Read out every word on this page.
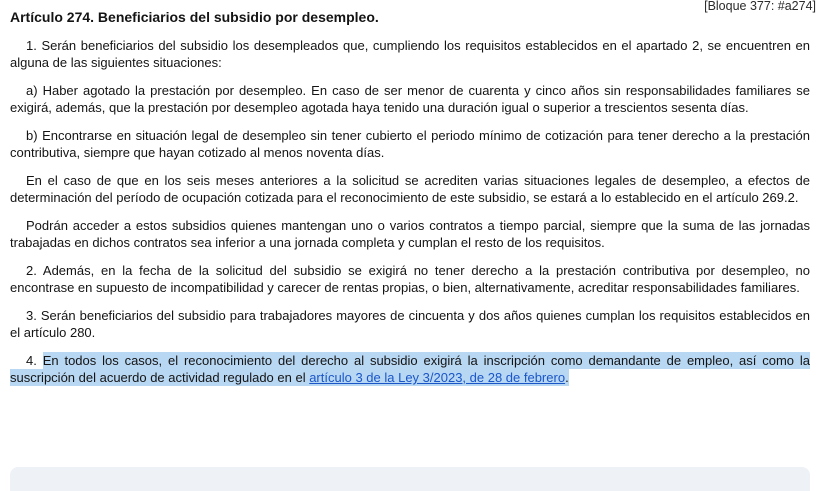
[Bloque 377: #a274]
Artículo 274. Beneficiarios del subsidio por desempleo.

1. Serán beneficiarios del subsidio los desempleados que, cumpliendo los requisitos establecidos en el apartado 2, se encuentren en alguna de las siguientes situaciones:

a) Haber agotado la prestación por desempleo. En caso de ser menor de cuarenta y cinco años sin responsabilidades familiares se exigirá, además, que la prestación por desempleo agotada haya tenido una duración igual o superior a trescientos sesenta días.

b) Encontrarse en situación legal de desempleo sin tener cubierto el periodo mínimo de cotización para tener derecho a la prestación contributiva, siempre que hayan cotizado al menos noventa días.

En el caso de que en los seis meses anteriores a la solicitud se acrediten varias situaciones legales de desempleo, a efectos de determinación del período de ocupación cotizada para el reconocimiento de este subsidio, se estará a lo establecido en el artículo 269.2.

Podrán acceder a estos subsidios quienes mantengan uno o varios contratos a tiempo parcial, siempre que la suma de las jornadas trabajadas en dichos contratos sea inferior a una jornada completa y cumplan el resto de los requisitos.

2. Además, en la fecha de la solicitud del subsidio se exigirá no tener derecho a la prestación contributiva por desempleo, no encontrase en supuesto de incompatibilidad y carecer de rentas propias, o bien, alternativamente, acreditar responsabilidades familiares.

3. Serán beneficiarios del subsidio para trabajadores mayores de cincuenta y dos años quienes cumplan los requisitos establecidos en el artículo 280.

4. En todos los casos, el reconocimiento del derecho al subsidio exigirá la inscripción como demandante de empleo, así como la suscripción del acuerdo de actividad regulado en el artículo 3 de la Ley 3/2023, de 28 de febrero.
